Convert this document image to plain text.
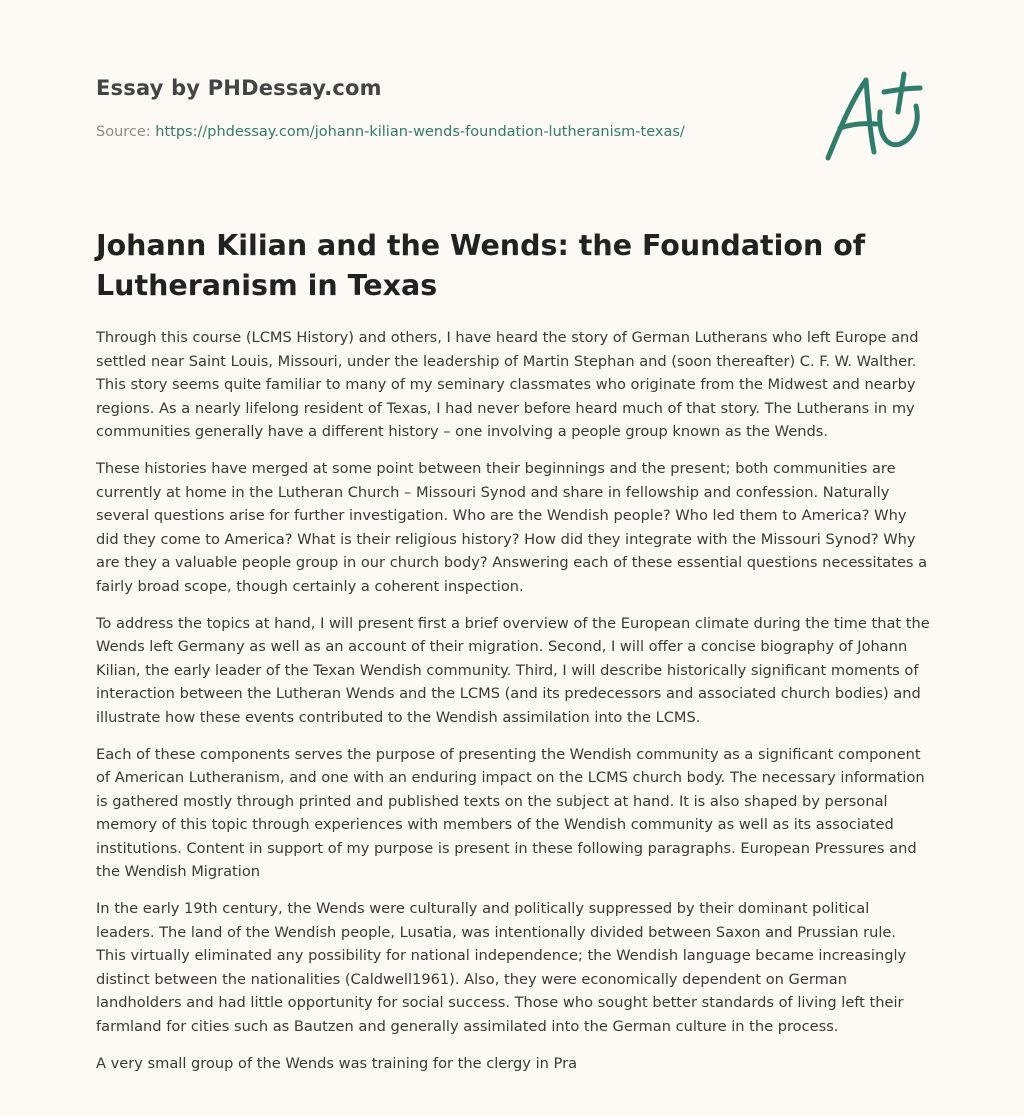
Essay by PHDessay.com
Source: https://phdessay.com/johann-kilian-wends-foundation-lutheranism-texas/
Johann Kilian and the Wends: the Foundation of Lutheranism in Texas

Through this course (LCMS History) and others, I have heard the story of German Lutherans who left Europe and settled near Saint Louis, Missouri, under the leadership of Martin Stephan and (soon thereafter) C. F. W. Walther. This story seems quite familiar to many of my seminary classmates who originate from the Midwest and nearby regions. As a nearly lifelong resident of Texas, I had never before heard much of that story. The Lutherans in my communities generally have a different history – one involving a people group known as the Wends.

These histories have merged at some point between their beginnings and the present; both communities are currently at home in the Lutheran Church – Missouri Synod and share in fellowship and confession. Naturally several questions arise for further investigation. Who are the Wendish people? Who led them to America? Why did they come to America? What is their religious history? How did they integrate with the Missouri Synod? Why are they a valuable people group in our church body? Answering each of these essential questions necessitates a fairly broad scope, though certainly a coherent inspection.

To address the topics at hand, I will present first a brief overview of the European climate during the time that the Wends left Germany as well as an account of their migration. Second, I will offer a concise biography of Johann Kilian, the early leader of the Texan Wendish community. Third, I will describe historically significant moments of interaction between the Lutheran Wends and the LCMS (and its predecessors and associated church bodies) and illustrate how these events contributed to the Wendish assimilation into the LCMS.

Each of these components serves the purpose of presenting the Wendish community as a significant component of American Lutheranism, and one with an enduring impact on the LCMS church body. The necessary information is gathered mostly through printed and published texts on the subject at hand. It is also shaped by personal memory of this topic through experiences with members of the Wendish community as well as its associated institutions. Content in support of my purpose is present in these following paragraphs. European Pressures and the Wendish Migration

In the early 19th century, the Wends were culturally and politically suppressed by their dominant political leaders. The land of the Wendish people, Lusatia, was intentionally divided between Saxon and Prussian rule. This virtually eliminated any possibility for national independence; the Wendish language became increasingly distinct between the nationalities (Caldwell1961). Also, they were economically dependent on German landholders and had little opportunity for social success. Those who sought better standards of living left their farmland for cities such as Bautzen and generally assimilated into the German culture in the process.

A very small group of the Wends was training for the clergy in Pra
